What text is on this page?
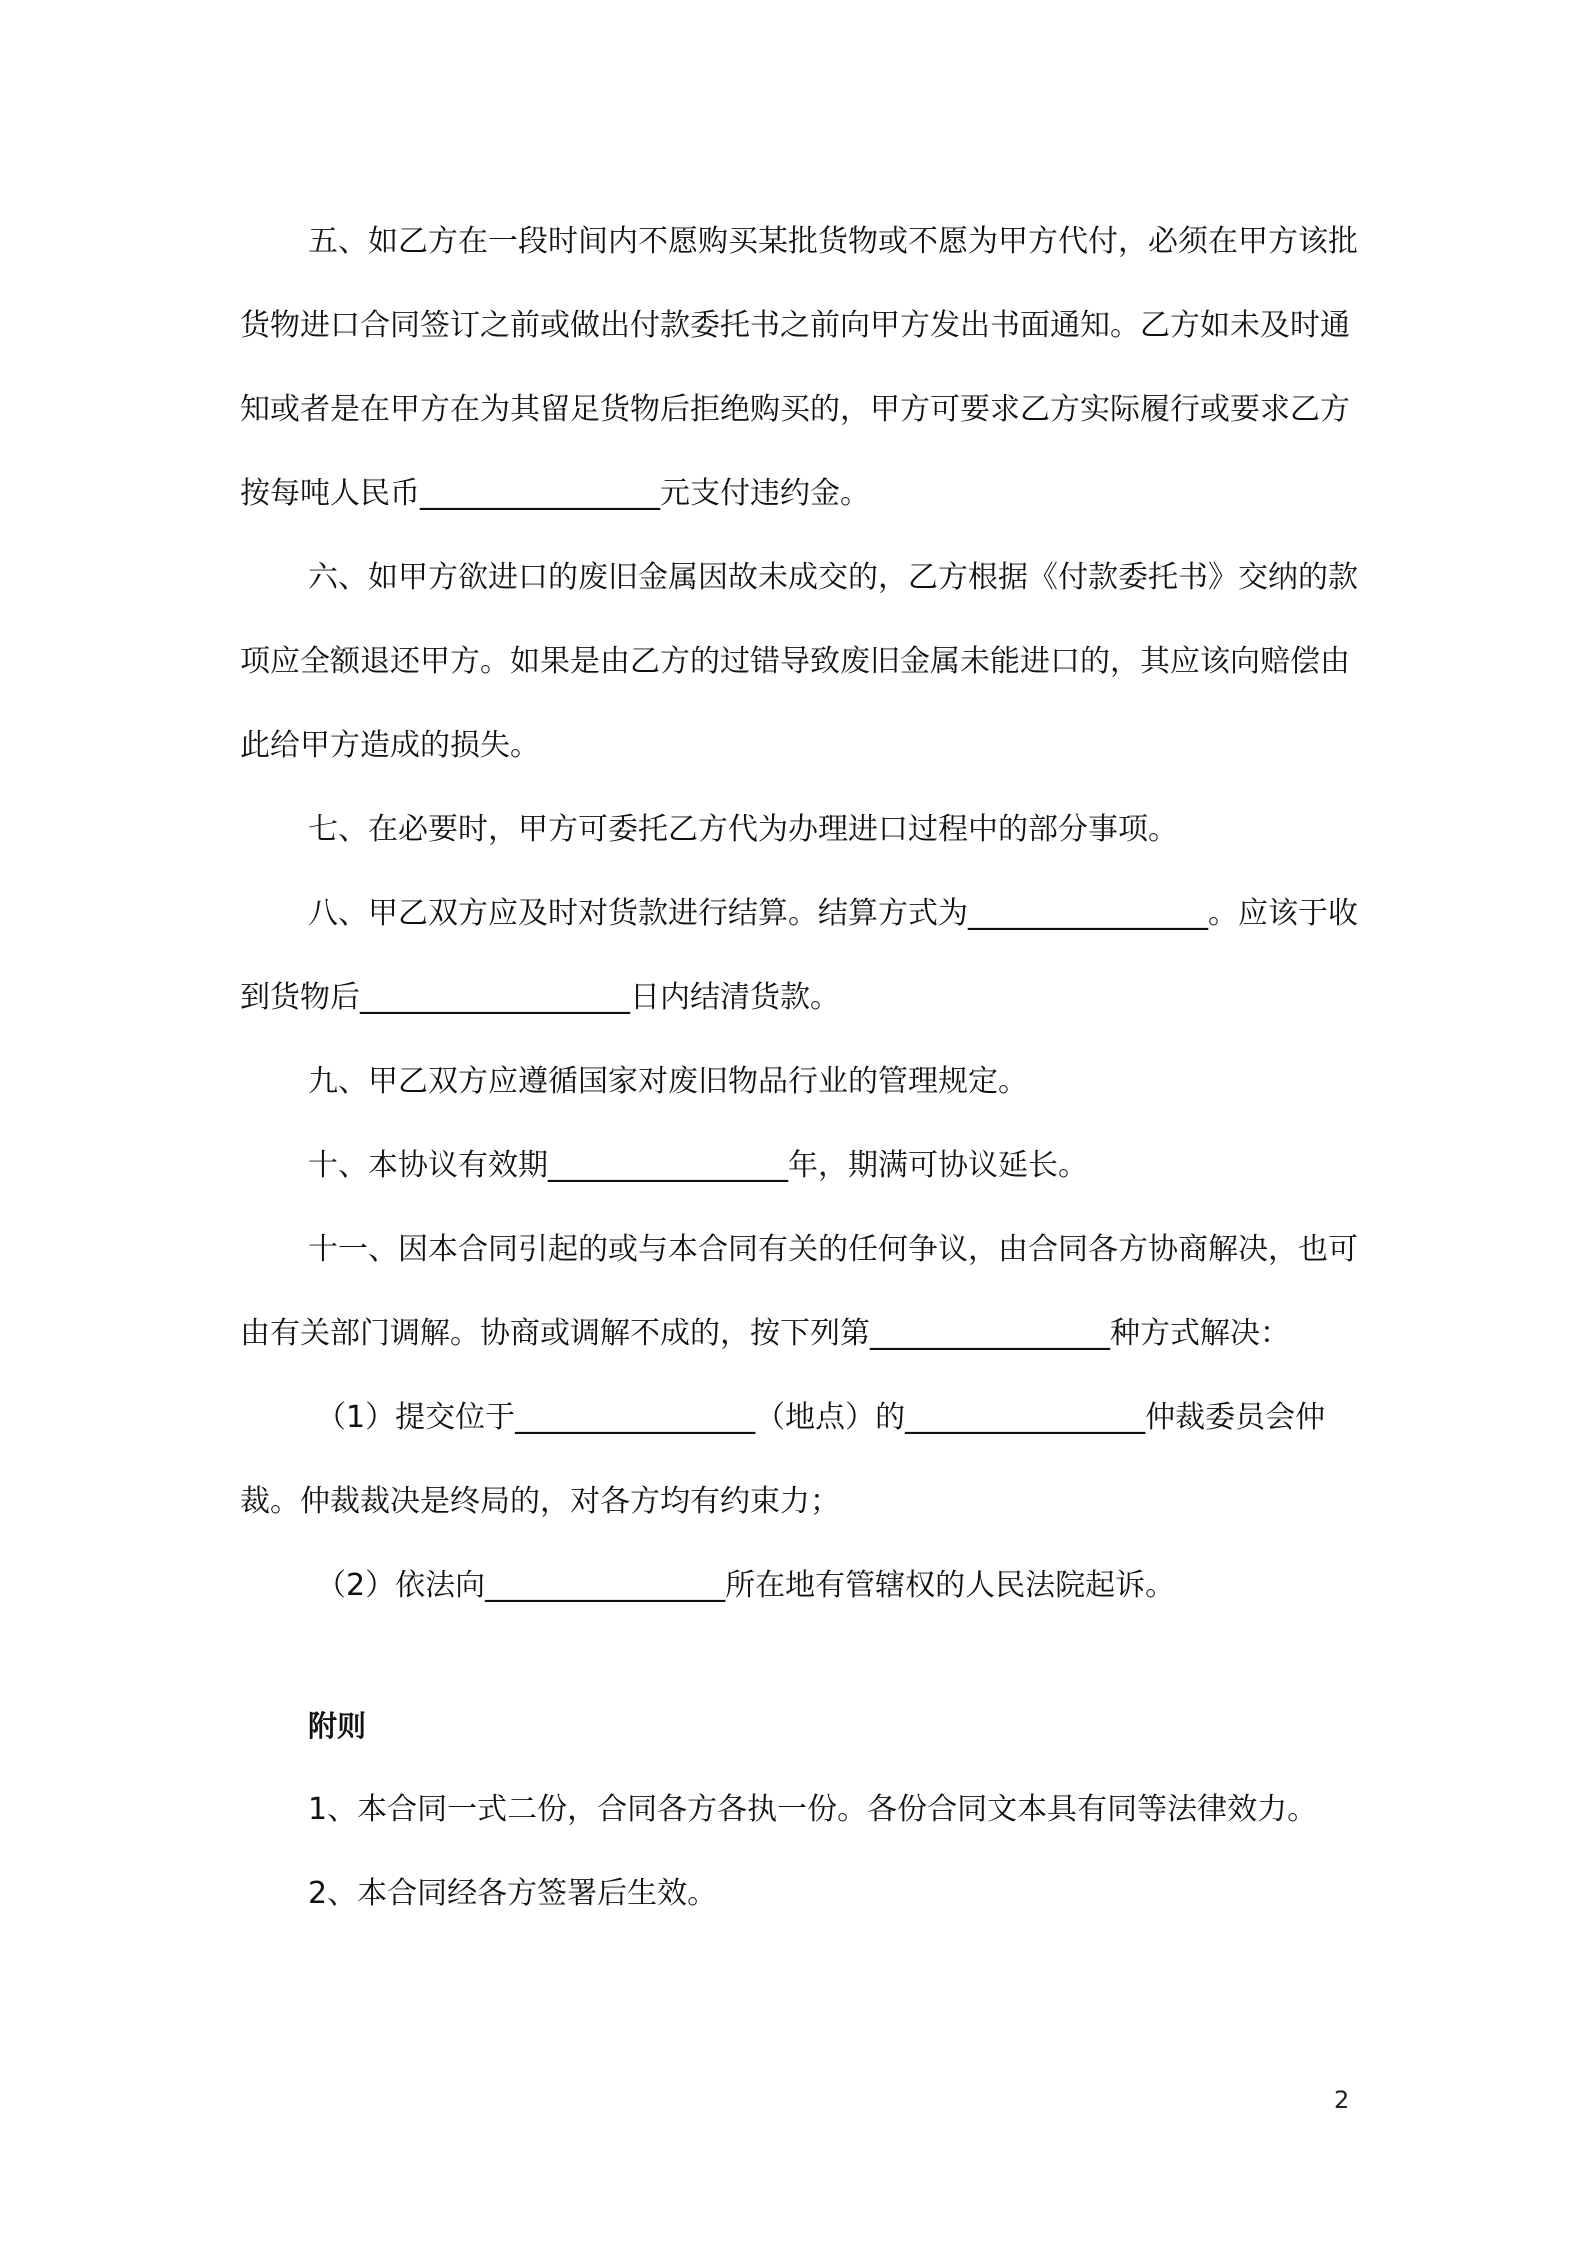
五、如乙方在一段时间内不愿购买某批货物或不愿为甲方代付，必须在甲方该批货物进口合同签订之前或做出付款委托书之前向甲方发出书面通知。乙方如未及时通知或者是在甲方在为其留足货物后拒绝购买的，甲方可要求乙方实际履行或要求乙方按每吨人民币________________元支付违约金。

六、如甲方欲进口的废旧金属因故未成交的，乙方根据《付款委托书》交纳的款项应全额退还甲方。如果是由乙方的过错导致废旧金属未能进口的，其应该向赔偿由此给甲方造成的损失。

七、在必要时，甲方可委托乙方代为办理进口过程中的部分事项。

八、甲乙双方应及时对货款进行结算。结算方式为________________。应该于收到货物后__________________日内结清货款。

九、甲乙双方应遵循国家对废旧物品行业的管理规定。

十、本协议有效期________________年，期满可协议延长。

十一、因本合同引起的或与本合同有关的任何争议，由合同各方协商解决，也可由有关部门调解。协商或调解不成的，按下列第________________种方式解决：

（1）提交位于________________（地点）的________________仲裁委员会仲裁。仲裁裁决是终局的，对各方均有约束力；

（2）依法向________________所在地有管辖权的人民法院起诉。

附则

1、本合同一式二份，合同各方各执一份。各份合同文本具有同等法律效力。

2、本合同经各方签署后生效。

2
